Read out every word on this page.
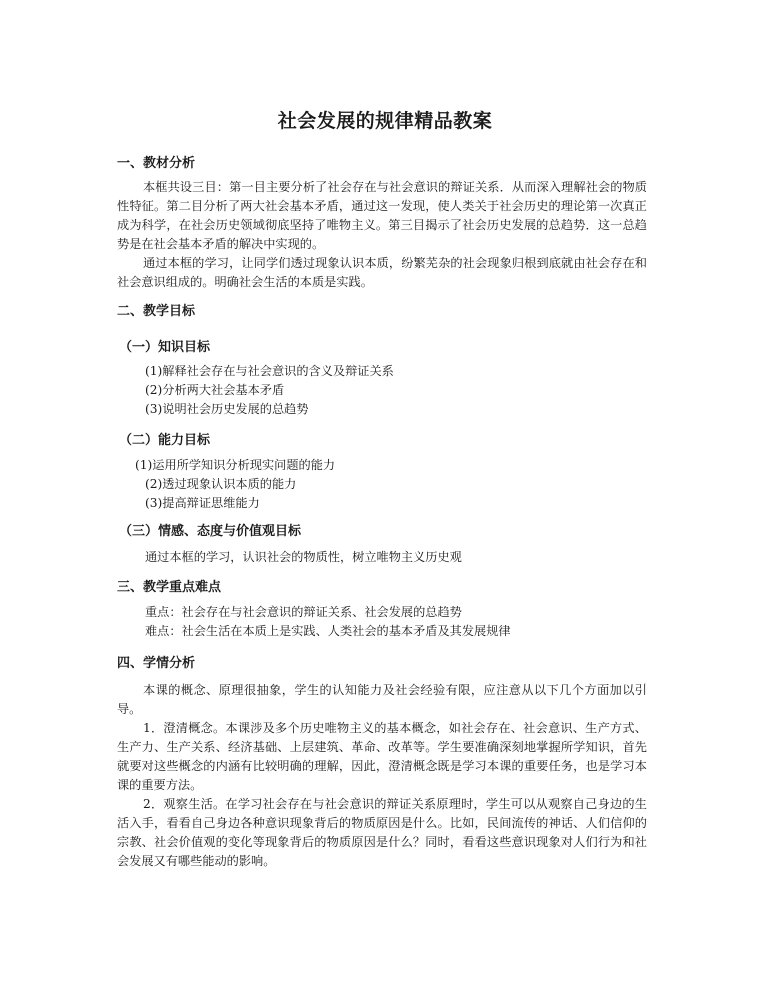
社会发展的规律精品教案
一、教材分析

本框共设三目：第一目主要分析了社会存在与社会意识的辩证关系．从而深入理解社会的物质性特征。第二目分析了两大社会基本矛盾，通过这一发现，使人类关于社会历史的理论第一次真正成为科学，在社会历史领域彻底坚持了唯物主义。第三目揭示了社会历史发展的总趋势．这一总趋势是在社会基本矛盾的解决中实现的。

通过本框的学习，让同学们透过现象认识本质，纷繁芜杂的社会现象归根到底就由社会存在和社会意识组成的。明确社会生活的本质是实践。

二、教学目标
（一）知识目标
(1)解释社会存在与社会意识的含义及辩证关系
(2)分析两大社会基本矛盾
(3)说明社会历史发展的总趋势
（二）能力目标
(1)运用所学知识分析现实问题的能力
(2)透过现象认识本质的能力
(3)提高辩证思维能力
（三）情感、态度与价值观目标
通过本框的学习，认识社会的物质性，树立唯物主义历史观
三、教学重点难点
重点：社会存在与社会意识的辩证关系、社会发展的总趋势
难点：社会生活在本质上是实践、人类社会的基本矛盾及其发展规律
四、学情分析

本课的概念、原理很抽象，学生的认知能力及社会经验有限，应注意从以下几个方面加以引导。

1．澄清概念。本课涉及多个历史唯物主义的基本概念，如社会存在、社会意识、生产方式、生产力、生产关系、经济基础、上层建筑、革命、改革等。学生要准确深刻地掌握所学知识，首先就要对这些概念的内涵有比较明确的理解，因此，澄清概念既是学习本课的重要任务，也是学习本课的重要方法。

2．观察生活。在学习社会存在与社会意识的辩证关系原理时，学生可以从观察自己身边的生活入手，看看自己身边各种意识现象背后的物质原因是什么。比如，民间流传的神话、人们信仰的宗教、社会价值观的变化等现象背后的物质原因是什么？同时，看看这些意识现象对人们行为和社会发展又有哪些能动的影响。
